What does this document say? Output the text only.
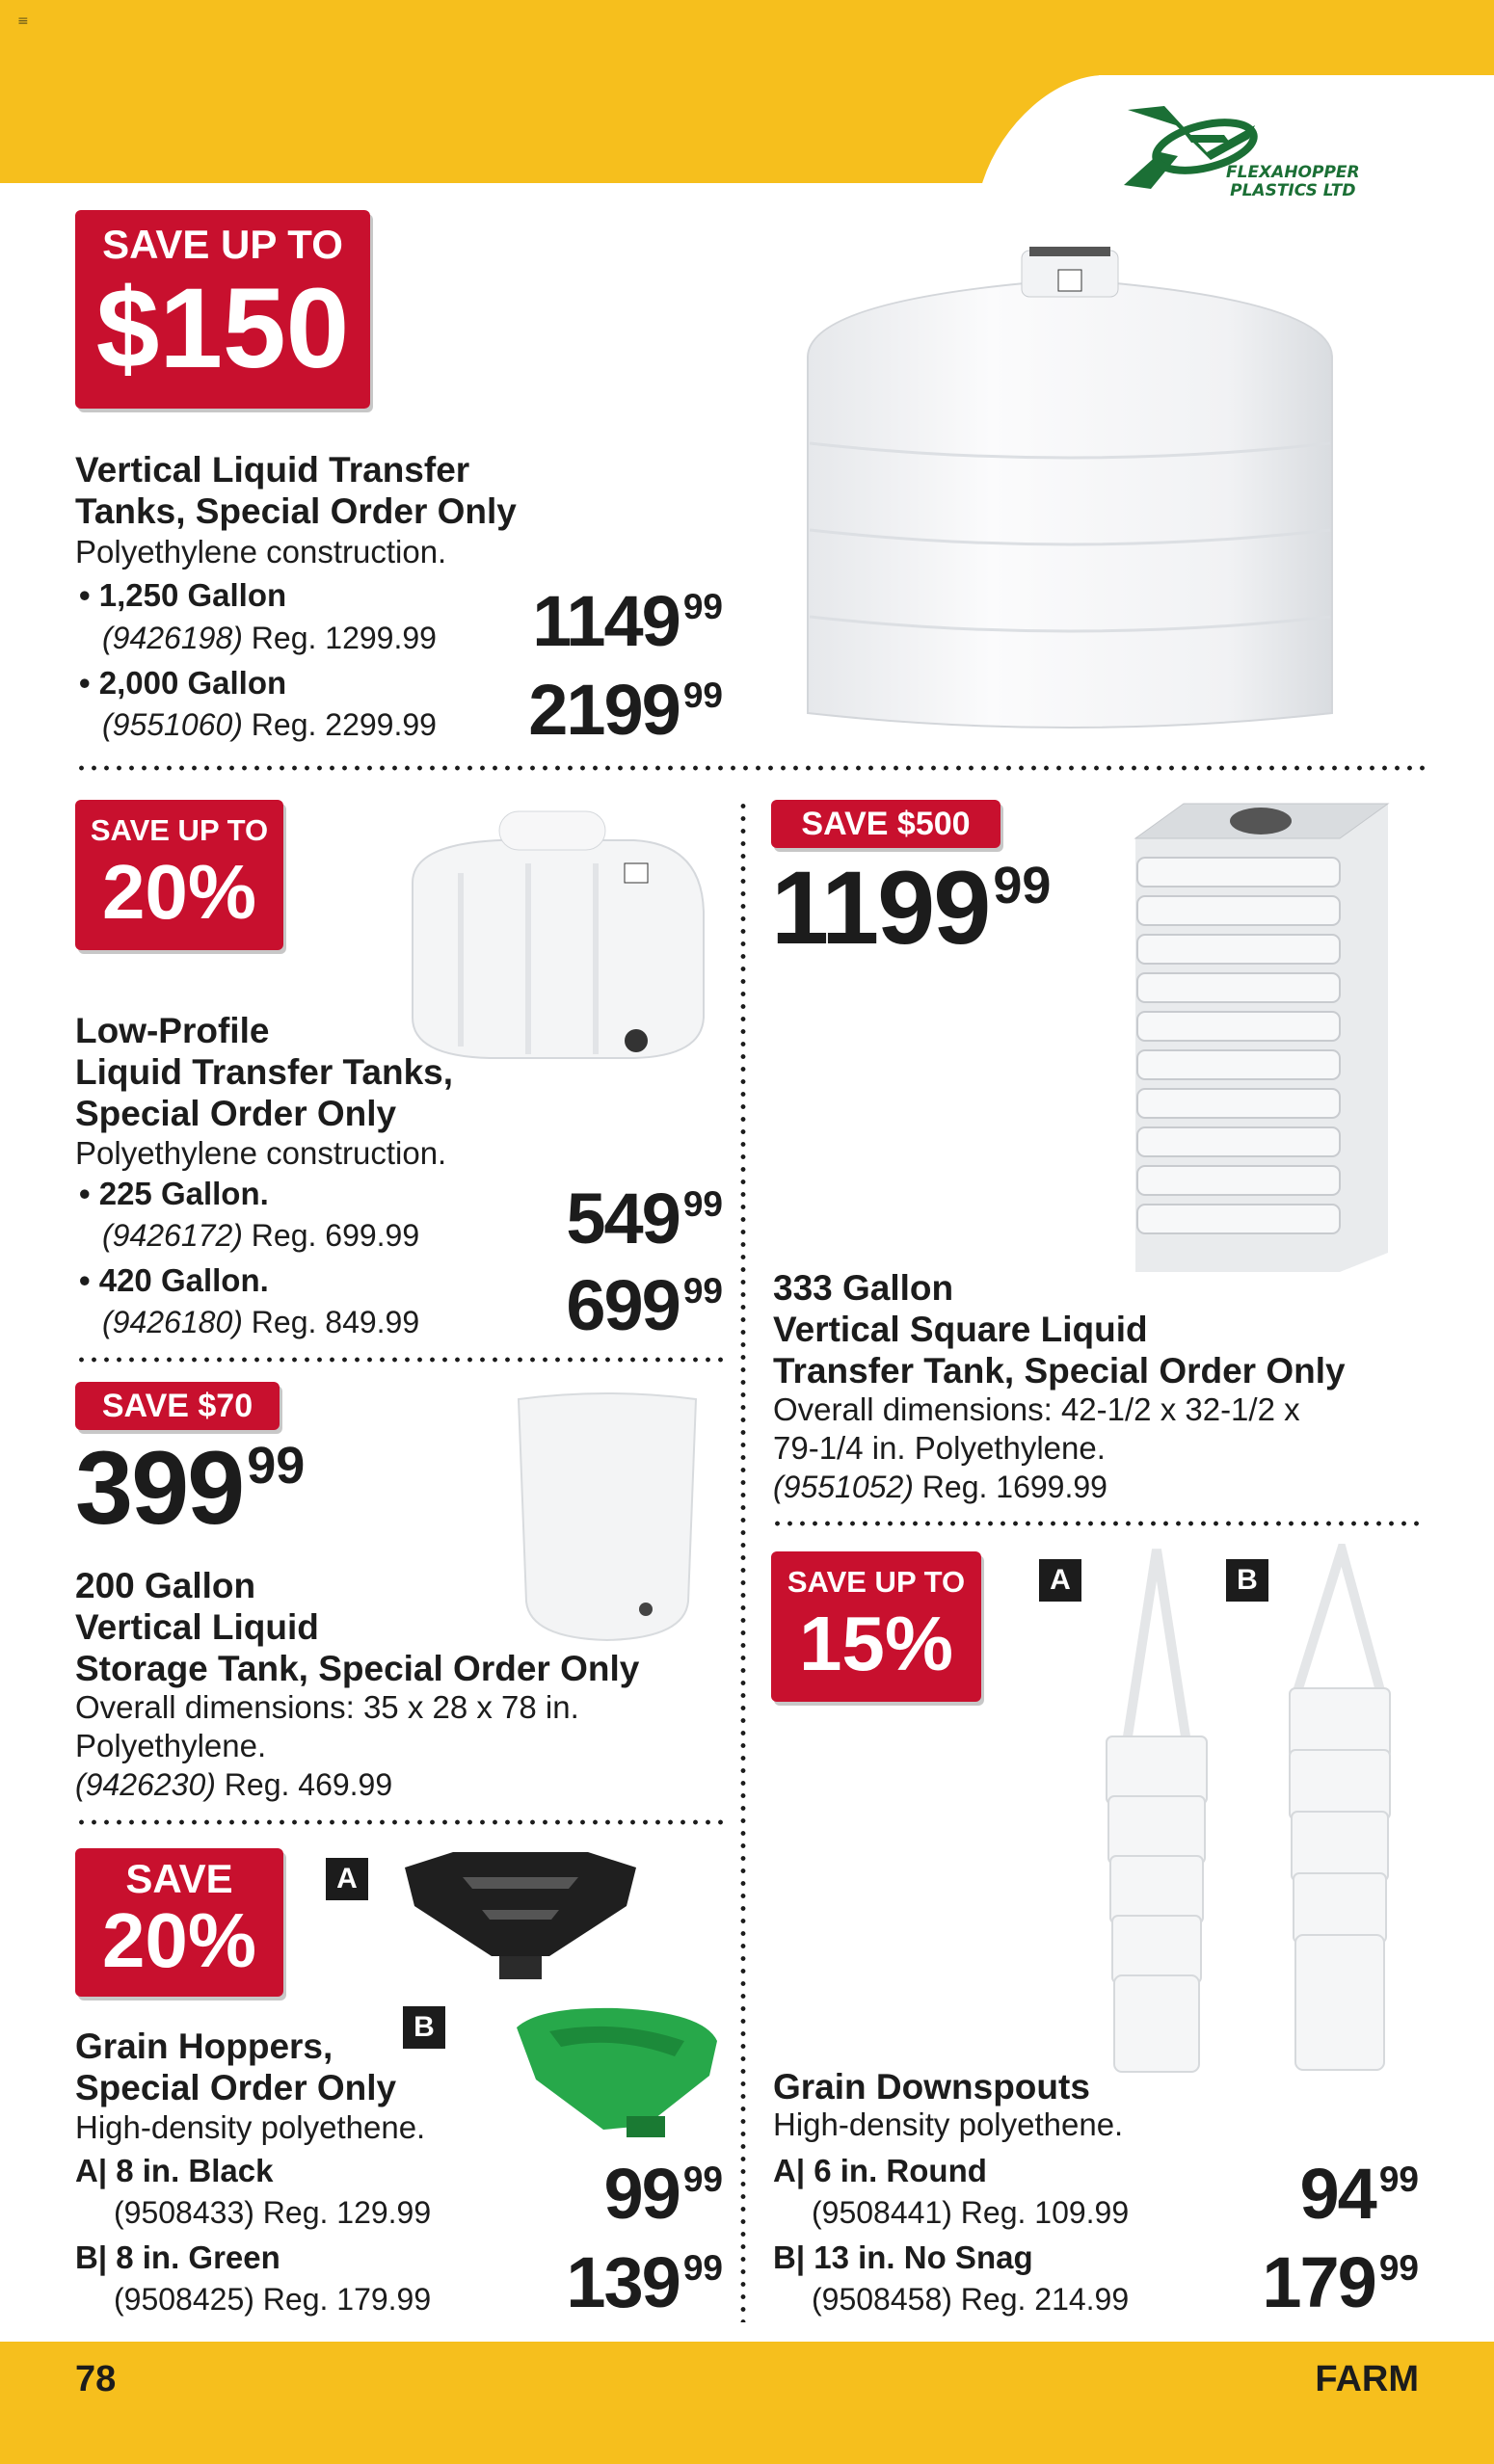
≡
FLEXAHOPPER
PLASTICS LTD
SAVE UP TO
$150
Vertical Liquid Transfer
Tanks, Special Order Only
Polyethylene construction.
• 1,250 Gallon
(9426198) Reg. 1299.99 1149 $^{99}$
• 2,000 Gallon
(9551060) Reg. 2299.99 2199 $^{99}$
SAVE UP TO
20%
Low-Profile
Liquid Transfer Tanks,
Special Order Only
Polyethylene construction.
• 225 Gallon.
(9426172) Reg. 699.99 549 $^{99}$
• 420 Gallon.
(9426180) Reg. 849.99 699 $^{99}$
SAVE $500
1199$^{99}$
333 Gallon
Vertical Square Liquid
Transfer Tank, Special Order Only
Overall dimensions: 42-1/2 x 32-1/2 x
79-1/4 in. Polyethylene.
(9551052) Reg. 1699.99
SAVE $70
$399^{99}$
200 Gallon
Vertical Liquid
Storage Tank, Special Order Only
Overall dimensions: 35 x 28 x 78 in.
Polyethylene.
(9426230) Reg. 469.99
SAVE
20%
A
B
Grain Hoppers,
Special Order Only
High-density polyethene.
A| 8 in. Black
(9508433) Reg. 129.99 99 $^{99}$
B| 8 in. Green
(9508425) Reg. 179.99 139 $^{99}$
SAVE UP TO
15%
A	B
Grain Downspouts
High-density polyethene.
A| 6 in. Round
(9508441) Reg. 109.99 94 $^{99}$
B| 13 in. No Snag
(9508458) Reg. 214.99 179 $^{99}$
78	FARM
